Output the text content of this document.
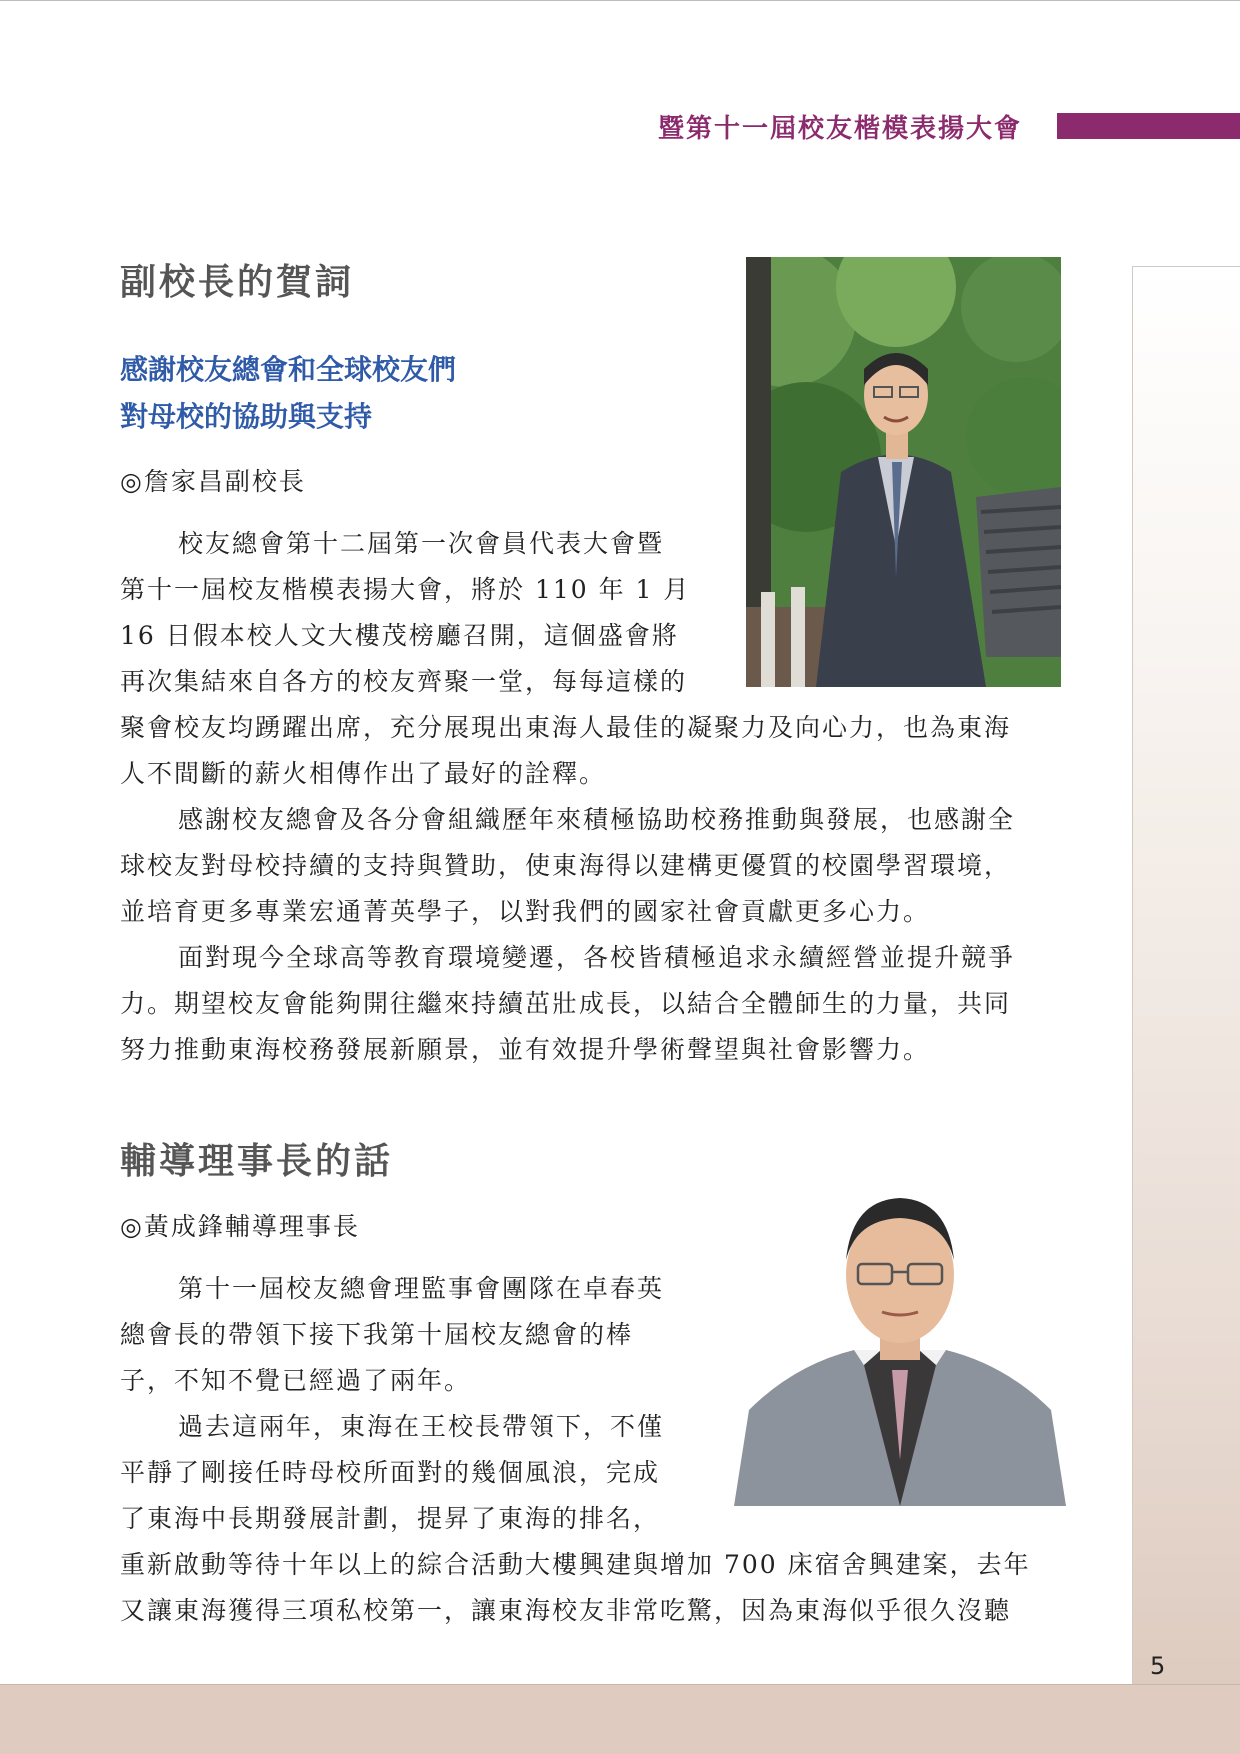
暨第十一屆校友楷模表揚大會
5
副校長的賀詞
感謝校友總會和全球校友們
對母校的協助與支持
◎詹家昌副校長
校友總會第十二屆第一次會員代表大會暨
第十一屆校友楷模表揚大會，將於 110 年 1 月
16 日假本校人文大樓茂榜廳召開，這個盛會將
再次集結來自各方的校友齊聚一堂，每每這樣的
聚會校友均踴躍出席，充分展現出東海人最佳的凝聚力及向心力，也為東海
人不間斷的薪火相傳作出了最好的詮釋。
感謝校友總會及各分會組織歷年來積極協助校務推動與發展，也感謝全
球校友對母校持續的支持與贊助，使東海得以建構更優質的校園學習環境，
並培育更多專業宏通菁英學子，以對我們的國家社會貢獻更多心力。
面對現今全球高等教育環境變遷，各校皆積極追求永續經營並提升競爭
力。期望校友會能夠開往繼來持續茁壯成長，以結合全體師生的力量，共同
努力推動東海校務發展新願景，並有效提升學術聲望與社會影響力。
輔導理事長的話
◎黃成鋒輔導理事長
第十一屆校友總會理監事會團隊在卓春英
總會長的帶領下接下我第十屆校友總會的棒
子，不知不覺已經過了兩年。
過去這兩年，東海在王校長帶領下，不僅
平靜了剛接任時母校所面對的幾個風浪，完成
了東海中長期發展計劃，提昇了東海的排名，
重新啟動等待十年以上的綜合活動大樓興建與增加 700 床宿舍興建案，去年
又讓東海獲得三項私校第一，讓東海校友非常吃驚，因為東海似乎很久沒聽
